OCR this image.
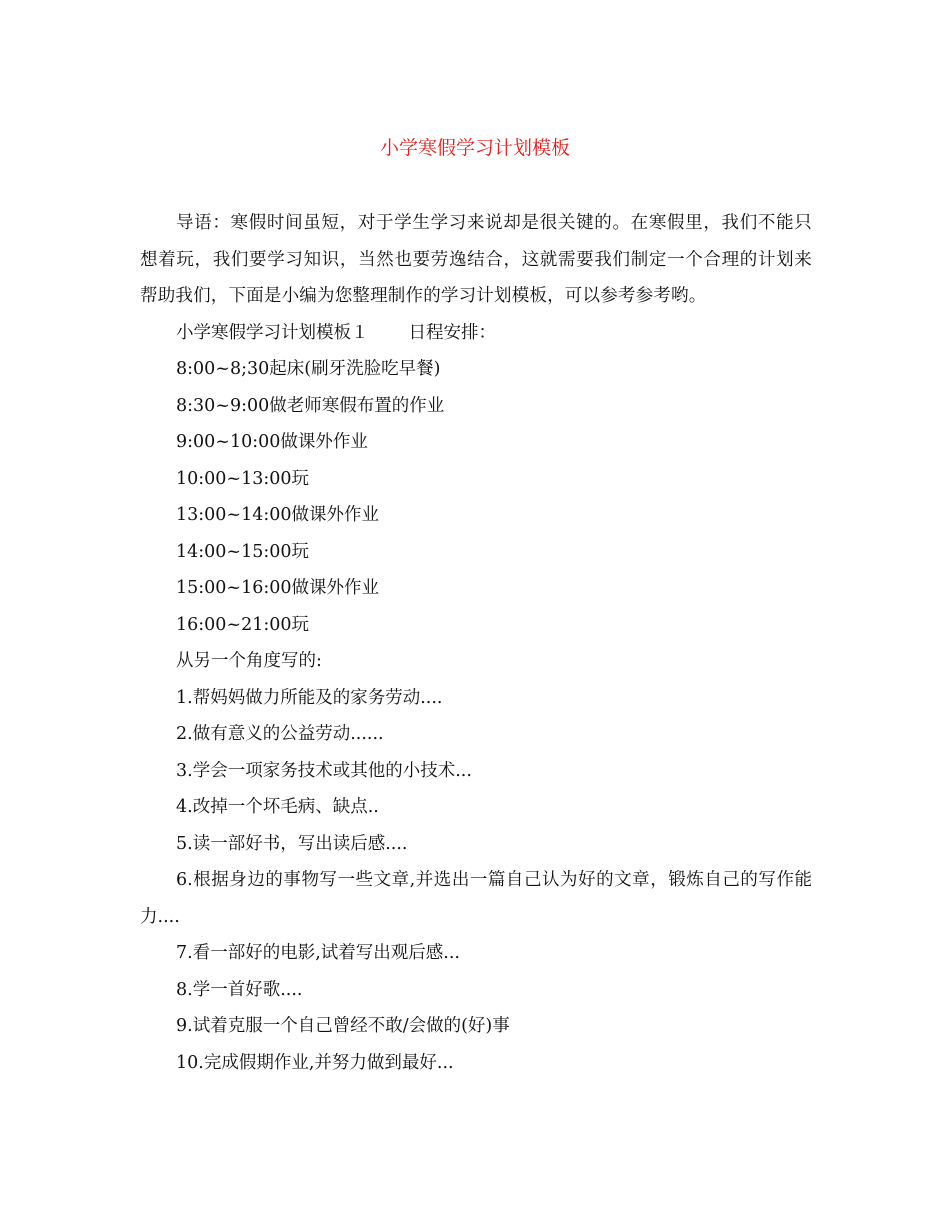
小学寒假学习计划模板

导语：寒假时间虽短，对于学生学习来说却是很关键的。在寒假里，我们不能只想着玩，我们要学习知识，当然也要劳逸结合，这就需要我们制定一个合理的计划来帮助我们，下面是小编为您整理制作的学习计划模板，可以参考参考哟。

小学寒假学习计划模板１ 日程安排：

8:00~8;30起床(刷牙洗脸吃早餐)

8:30~9:00做老师寒假布置的作业

9:00~10:00做课外作业

10:00~13:00玩

13:00~14:00做课外作业

14:00~15:00玩

15:00~16:00做课外作业

16:00~21:00玩

从另一个角度写的:

1.帮妈妈做力所能及的家务劳动....

2.做有意义的公益劳动......

3.学会一项家务技术或其他的小技术...

4.改掉一个坏毛病、缺点..

5.读一部好书，写出读后感....

6.根据身边的事物写一些文章,并选出一篇自己认为好的文章，锻炼自己的写作能力....

7.看一部好的电影,试着写出观后感...

8.学一首好歌....

9.试着克服一个自己曾经不敢/会做的(好)事

10.完成假期作业,并努力做到最好...
